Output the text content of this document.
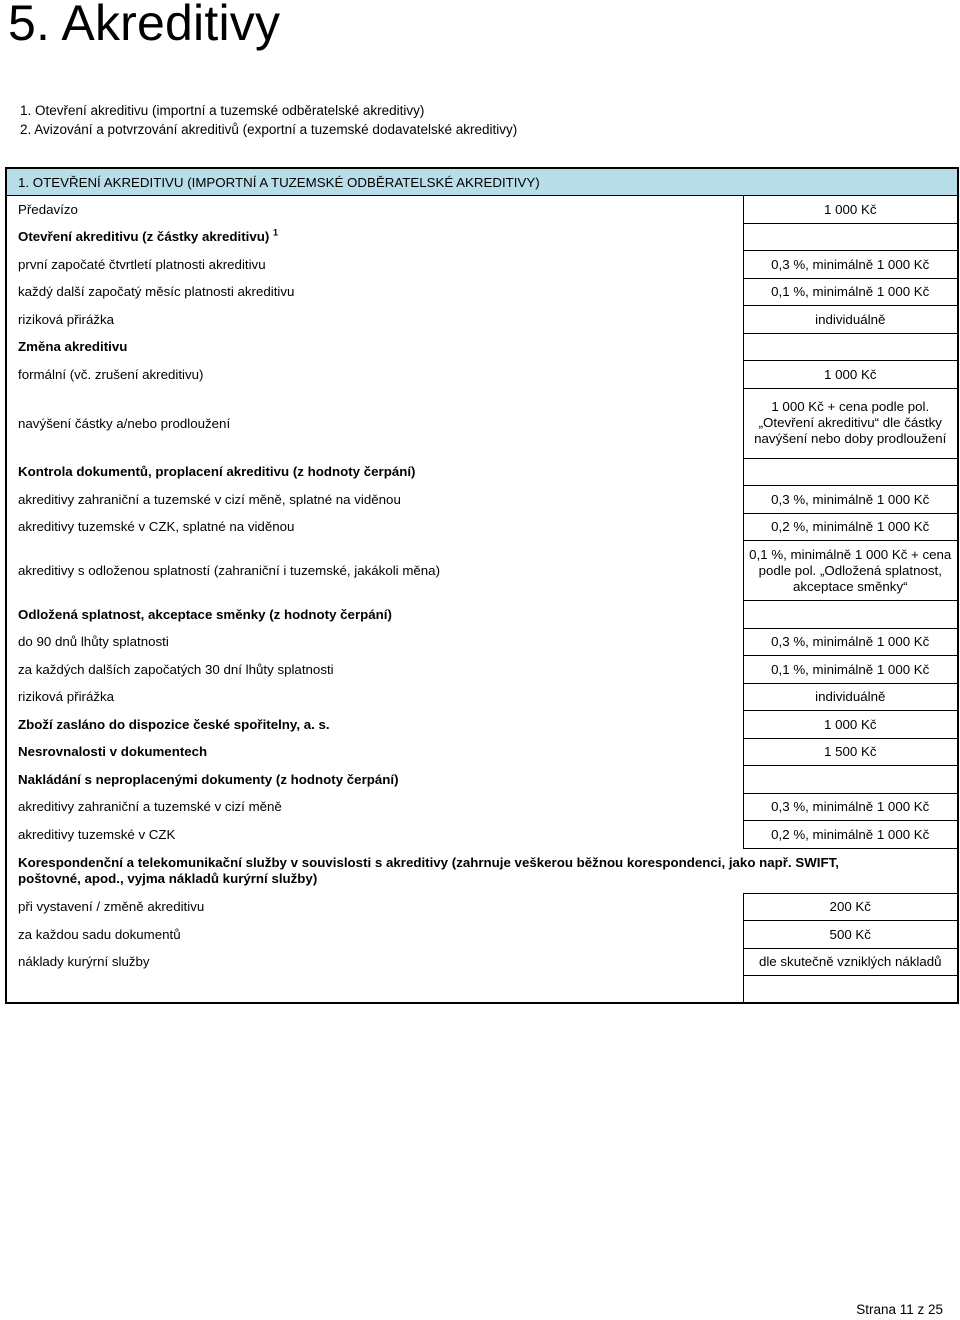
5. Akreditivy
1. Otevření akreditivu (importní a tuzemské odběratelské akreditivy)
2. Avizování a potvrzování akreditivů (exportní a tuzemské dodavatelské akreditivy)
1. OTEVŘENÍ AKREDITIVU (IMPORTNÍ A TUZEMSKÉ ODBĚRATELSKÉ AKREDITIVY)	
Předavízo	1 000 Kč
Otevření akreditivu (z částky akreditivu) $^1$	
první započaté čtvrtletí platnosti akreditivu	0,3 %, minimálně 1 000 Kč
každý další započatý měsíc platnosti akreditivu	0,1 %, minimálně 1 000 Kč
riziková přirážka	individuálně
Změna akreditivu	
formální (vč. zrušení akreditivu)	1 000 Kč
navýšení částky a/nebo prodloužení	1 000 Kč + cena podle pol. „Otevření akreditivu“ dle částky navýšení nebo doby prodloužení
Kontrola dokumentů, proplacení akreditivu (z hodnoty čerpání)	
akreditivy zahraniční a tuzemské v cizí měně, splatné na viděnou	0,3 %, minimálně 1 000 Kč
akreditivy tuzemské v CZK, splatné na viděnou	0,2 %, minimálně 1 000 Kč
akreditivy s odloženou splatností (zahraniční i tuzemské, jakákoli měna)	0,1 %, minimálně 1 000 Kč + cena podle pol. „Odložená splatnost, akceptace směnky“
Odložená splatnost, akceptace směnky (z hodnoty čerpání)	
do 90 dnů lhůty splatnosti	0,3 %, minimálně 1 000 Kč
za každých dalších započatých 30 dní lhůty splatnosti	0,1 %, minimálně 1 000 Kč
riziková přirážka	individuálně
Zboží zasláno do dispozice české spořitelny, a. s.	1 000 Kč
Nesrovnalosti v dokumentech	1 500 Kč
Nakládání s neproplacenými dokumenty (z hodnoty čerpání)	
akreditivy zahraniční a tuzemské v cizí měně	0,3 %, minimálně 1 000 Kč
akreditivy tuzemské v CZK	0,2 %, minimálně 1 000 Kč
Korespondenční a telekomunikační služby v souvislosti s akreditivy (zahrnuje veškerou běžnou korespondenci, jako např. SWIFT, poštovné, apod., vyjma nákladů kurýrní služby)	
při vystavení / změně akreditivu	200 Kč
za každou sadu dokumentů	500 Kč
náklady kurýrní služby	dle skutečně vzniklých nákladů

Strana 11 z 25
